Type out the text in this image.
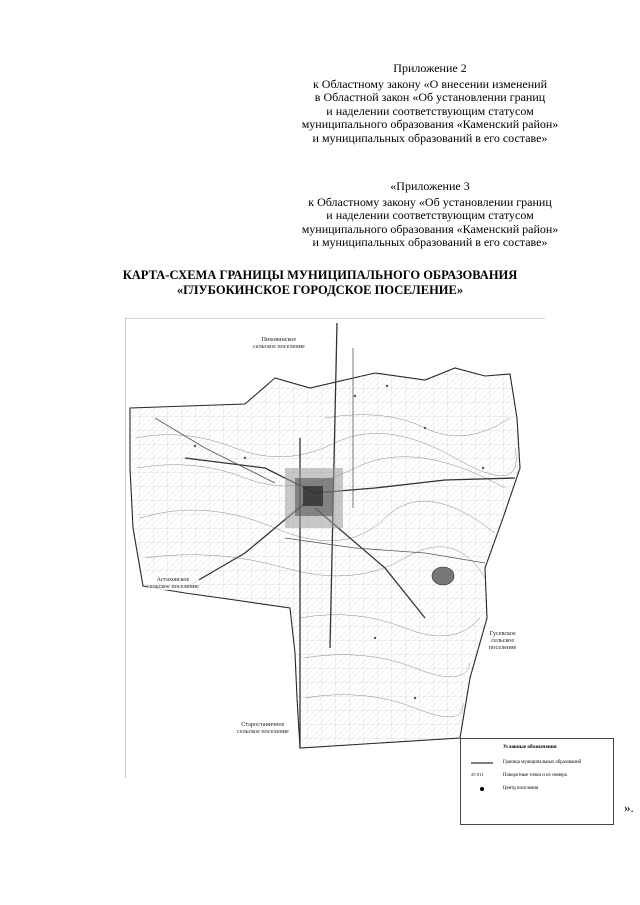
Приложение 2
к Областному закону «О внесении изменений
в Областной закон «Об установлении границ
и наделении соответствующим статусом
муниципального образования «Каменский район»
и муниципальных образований в его составе»
«Приложение 3
к Областному закону «Об установлении границ
и наделении соответствующим статусом
муниципального образования «Каменский район»
и муниципальных образований в его составе»
КАРТА-СХЕМА ГРАНИЦЫ МУНИЦИПАЛЬНОГО ОБРАЗОВАНИЯ
«ГЛУБОКИНСКОЕ ГОРОДСКОЕ ПОСЕЛЕНИЕ»
Пиховинское
сельское поселение
Астаховское
сельское поселение
Гусевское
сельское
поселение
Старостаничное
сельское поселение
Условные обозначения
Граница муниципальных образований
25 011	Поворотные точки и их номера
Центр поселения
».
